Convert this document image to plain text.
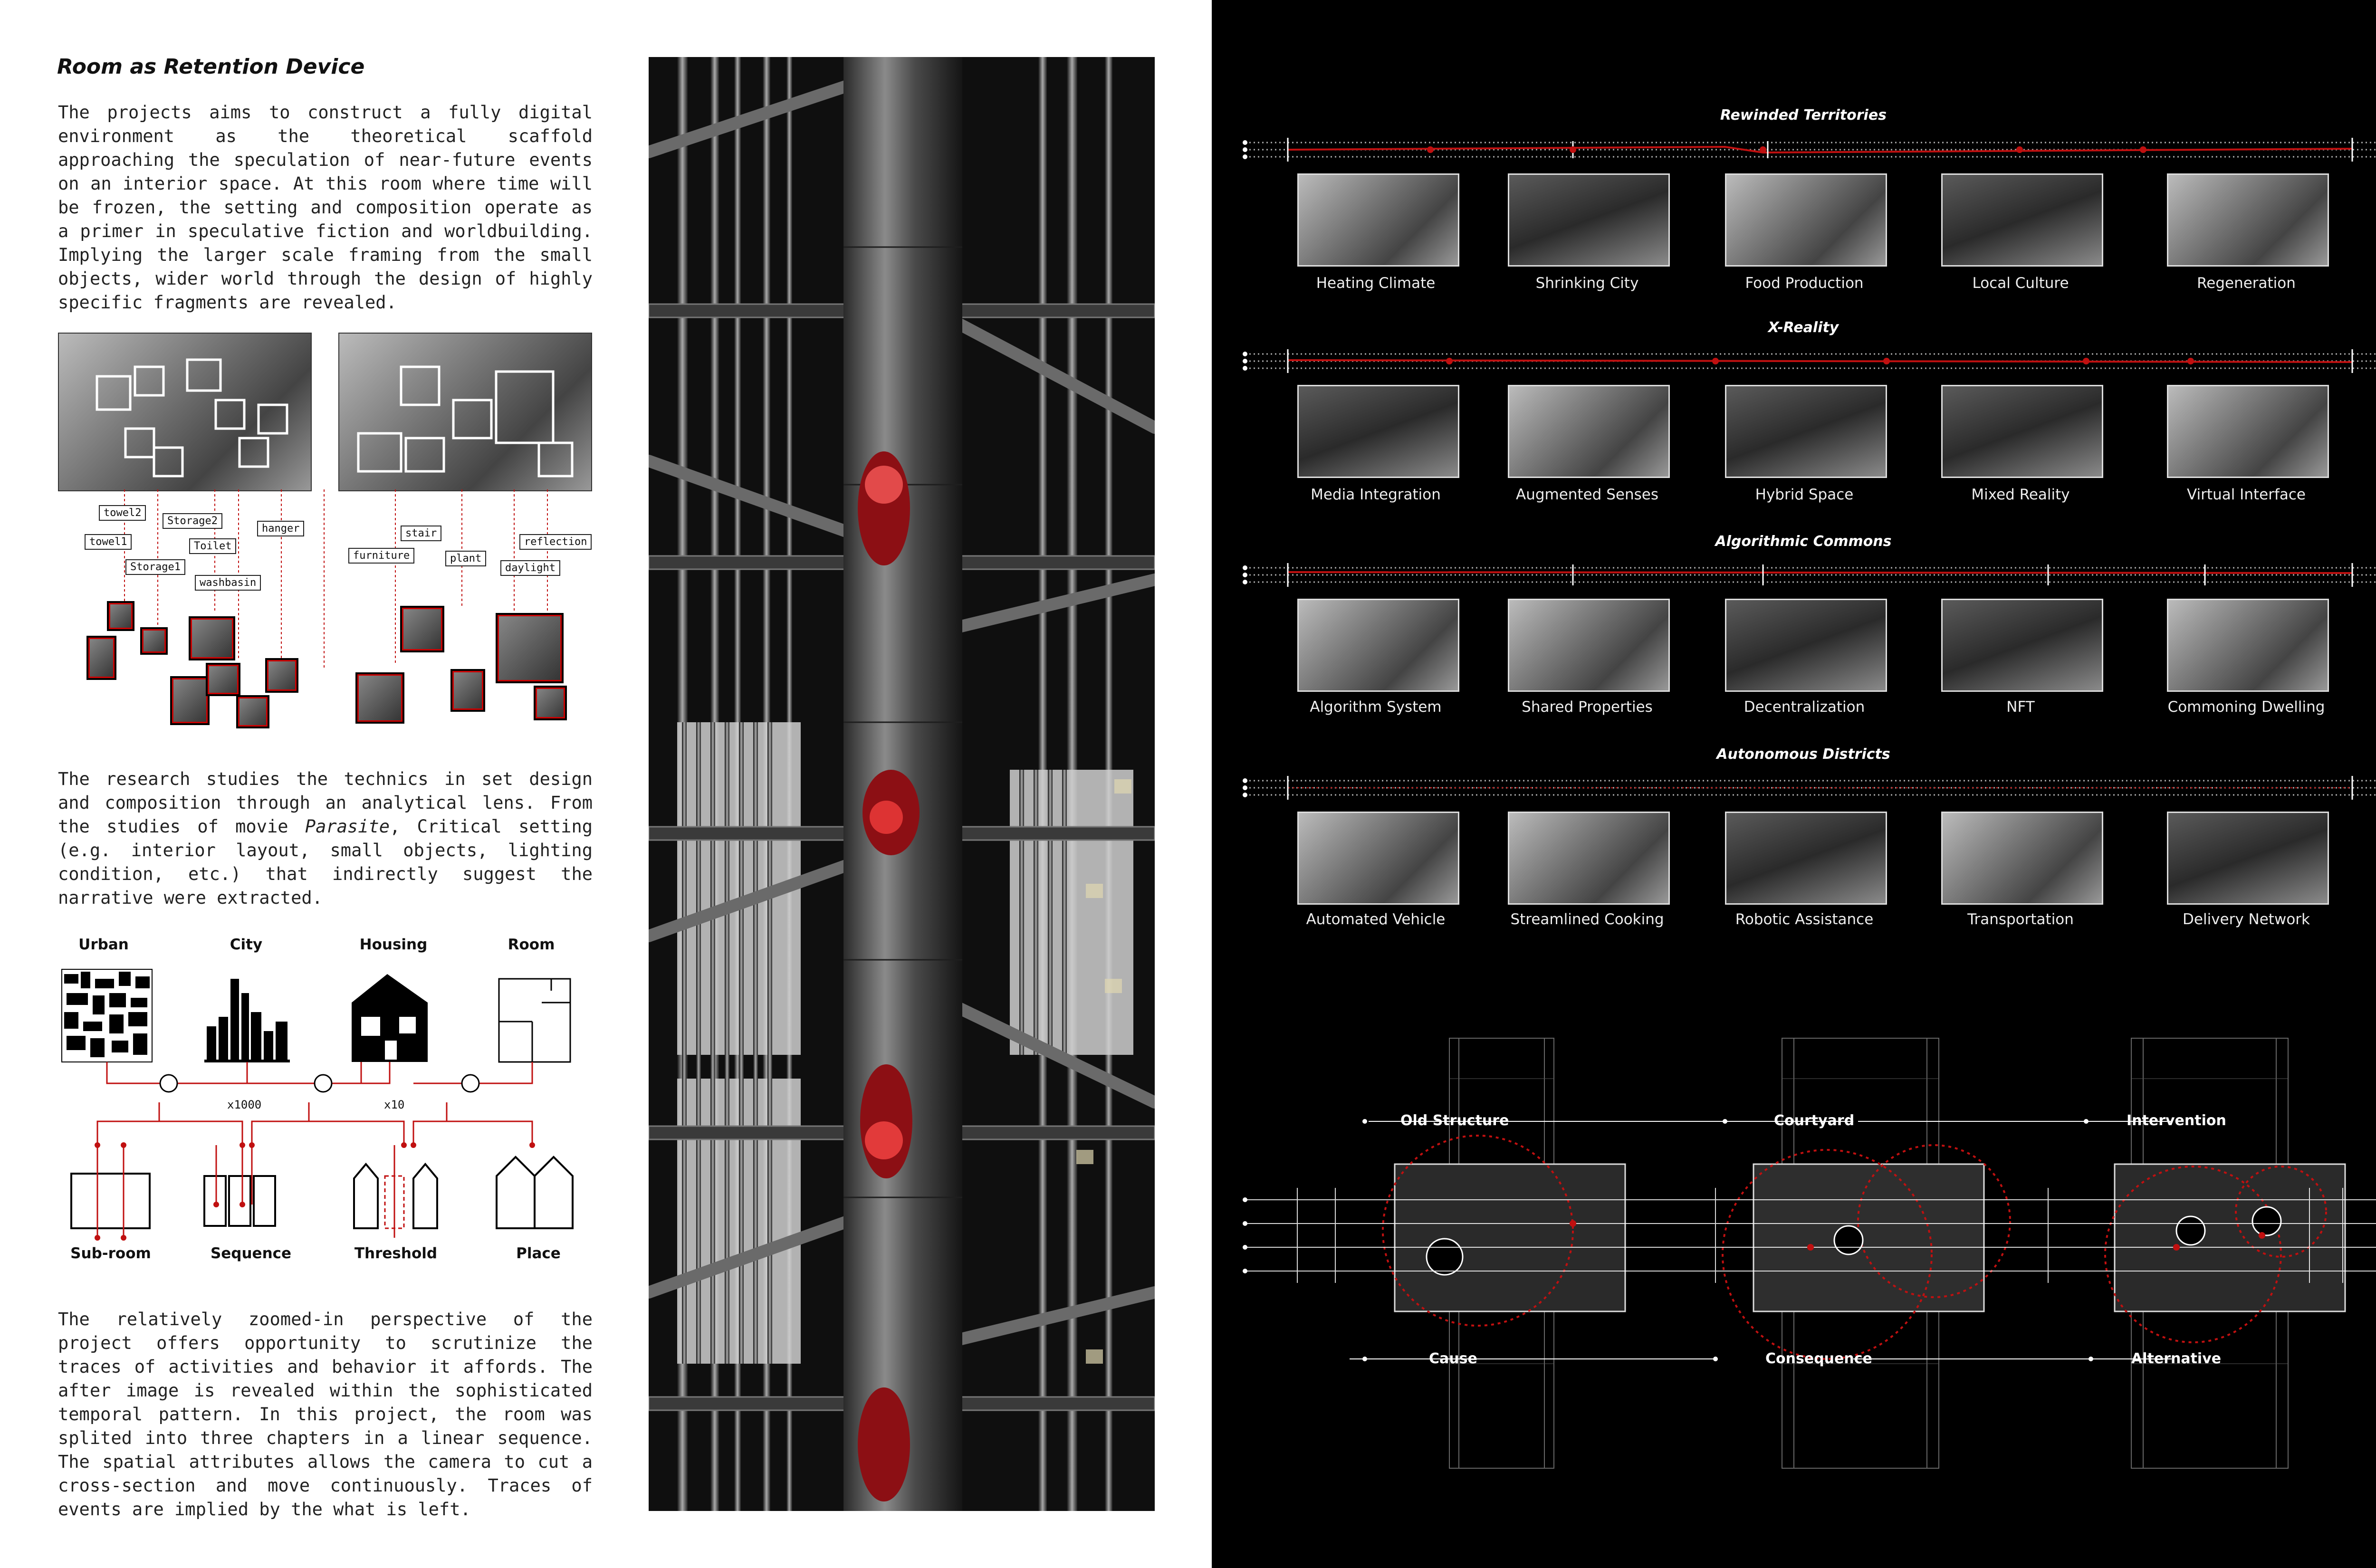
Room as Retention Device
The projects aims to construct a fully digital environment as the theoretical scaffold approaching the speculation of near-future events on an interior space. At this room where time will be frozen, the setting and composition operate as a primer in speculative fiction and worldbuilding. Implying the larger scale framing from the small objects, wider world through the design of highly specific fragments are revealed.
towel2
towel1
Storage2
Toilet
Storage1
hanger
washbasin
stair
furniture	plant
reflection
daylight
The research studies the technics in set design and composition through an analytical lens. From the studies of movie Parasite, Critical setting (e.g. interior layout, small objects, lighting condition, etc.) that indirectly suggest the narrative were extracted.
Urban	City	Housing	Room
x1000	x10
Sub-room	Sequence	Threshold	Place
The relatively zoomed-in perspective of the project offers opportunity to scrutinize the traces of activities and behavior it affords. The after image is revealed within the sophisticated temporal pattern. In this project, the room was splited into three chapters in a linear sequence. The spatial attributes allows the camera to cut a cross-section and move continuously. Traces of events are implied by the what is left.
Rewinded Territories
Heating Climate	Shrinking City	Food Production	Local Culture	Regeneration
X-Reality
Media Integration	Augmented Senses	Hybrid Space	Mixed Reality	Virtual Interface
Algorithmic Commons
Algorithm System	Shared Properties	Decentralization	NFT	Commoning Dwelling
Autonomous Districts
Automated Vehicle	Streamlined Cooking	Robotic Assistance	Transportation	Delivery Network
Old Structure	Courtyard	Intervention
Cause	Consequence	Alternative
